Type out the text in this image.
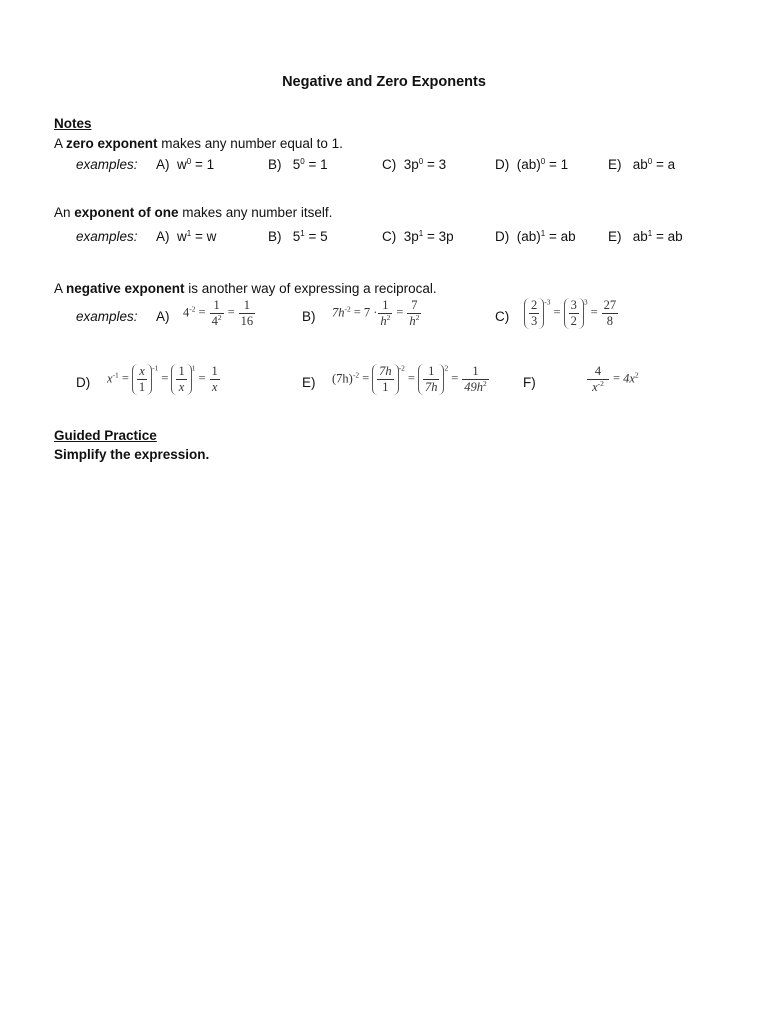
Negative and Zero Exponents
Notes
A zero exponent makes any number equal to 1.
examples: A) $w^0 = 1$	B) $5^0 = 1$	C) $3p^0 = 3$	D) (ab)$^0$ = 1	E) $ab^0 = a$
An exponent of one makes any number itself.
examples: A) $w^1 = w$	B) $5^1 = 5$	C) $3p^1 = 3p$	D) (ab)$^1$ = ab E) $ab^1$ = ab
A negative exponent is another way of expressing a reciprocal.
examples: A) $4^{-2} = \frac{1}{4^2} = \frac{1}{16}$	B) $7h^{-2} = 7 \cdot \frac{1}{h^2} = \frac{7}{h^2}$	$C) \frac{2}{3} ^{-3}= \frac{3}{2} ^3= \frac{27}{8}$
D) $x^{-1} = \frac{x}{1} ^{-1}= \frac{1}{x} ^1= \frac{1}{x}$	E) $(7h)^{-2} = \frac{7h}{1} ^{-2}= \frac{1}{7h} ^2= \frac{1}{49h^2}$	F)	$\frac{4}{x^{-2}} = 4x^2$
Guided Practice
Simplify the expression.
